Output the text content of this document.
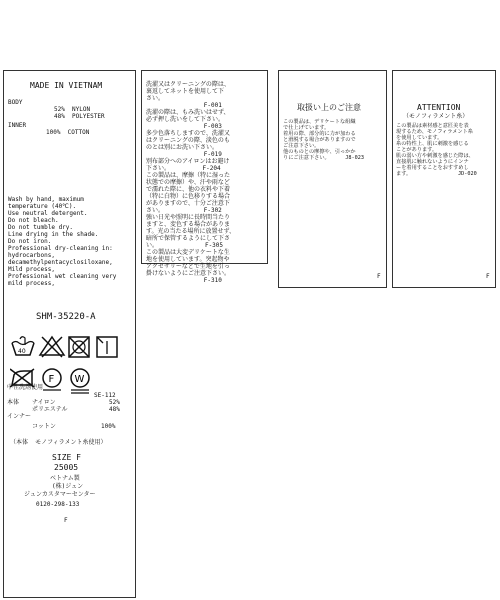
MADE IN VIETNAM
BODY
52%  NYLON
48%  POLYESTER
INNER
100%  COTTON
Wash by hand, maximum
temperature (40℃).
Use neutral detergent.
Do not bleach.
Do not tumble dry.
Line drying in the shade.
Do not iron.
Professional dry-cleaning in:
hydrocarbons,
decamethylpentacyclosiloxane,
Mild process,
Professional wet cleaning very
mild process,
SHM-35220-A
40
F W
中性洗剤使用
SE-112
本体 ナイロン
ポリエステル
52%
48%
インナー
コットン	100%
（本体  モノフィラメント糸使用）
SIZE F
25005
ベトナム製
(株)ジュン
ジュンカスタマーセンター
0120-298-133
F
洗濯又はクリーニングの際は、
裏返してネットを使用して下
さい。
F-001
洗濯の際は、もみ洗いはせず、
必ず押し洗いをして下さい。
F-003
多少色落ちしますので、洗濯又
はクリーニングの際、淡色のも
のとは別にお洗い下さい。
F-019
別布部分へのアイロンはお避け
下さい。         F-204
この製品は、摩擦（特に湿った
状態での摩擦）や、汗や雨など
で濡れた際に、他の衣料や下着
（特に白物）に色移りする場合
がありますので、十分ご注意下
さい。           F-302
強い日光や照明に長時間当たり
ますと、変色する場合がありま
す。光の当たる場所に放置せず、
暗所で保管するようにして下さ
い。             F-305
この製品は大変デリケートな生
地を使用しています。突起物や
アクセサリーなどで生地を引っ
掛けないようにご注意下さい。
F-310
取扱い上のご注意
この製品は、デリケートな組織
で仕上げています。
着用の際、部分的に力が加わる
と滑脱する場合がありますので
ご注意下さい。
他のものとの摩擦や、引っかか
りにご注意下さい。     J8-023
F
ATTENTION
（モノフィラメント糸）
この製品は素材感と意匠美を表
現するため、モノフィラメント糸
を使用しています。
糸の特性上、肌に刺激を感じる
ことがあります。
肌の弱い方や刺激を感じた際は、
直接肌に触れないようにインナ
ーを着用することをおすすめし
ます。               JD-020
F
